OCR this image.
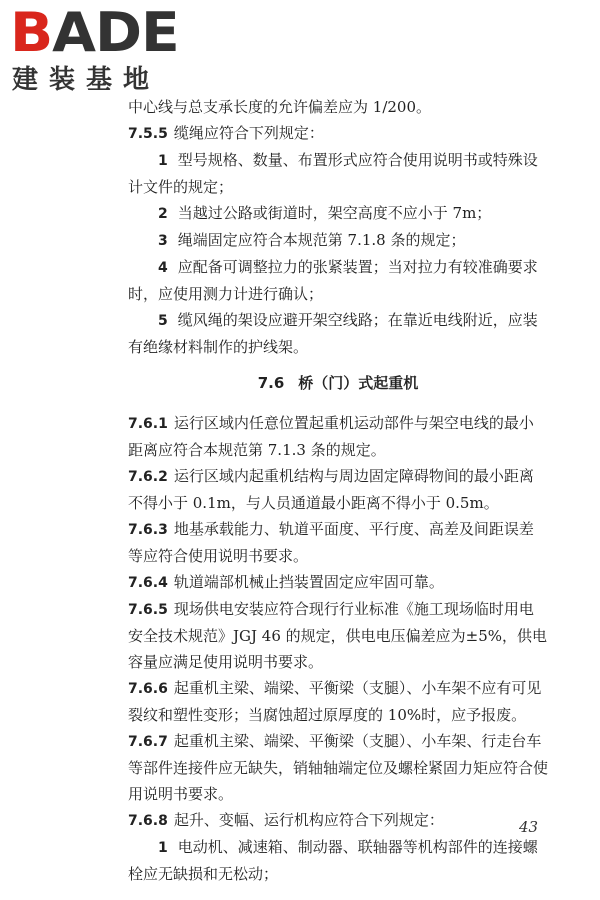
BADE
建装基地
中心线与总支承长度的允许偏差应为 1/200。
7.5.5 缆绳应符合下列规定：
1 型号规格、数量、布置形式应符合使用说明书或特殊设
计文件的规定；
2 当越过公路或街道时，架空高度不应小于 7m；
3 绳端固定应符合本规范第 7.1.8 条的规定；
4 应配备可调整拉力的张紧装置；当对拉力有较准确要求
时，应使用测力计进行确认；
5 缆风绳的架设应避开架空线路；在靠近电线附近，应装
有绝缘材料制作的护线架。
7.6 桥（门）式起重机
7.6.1 运行区域内任意位置起重机运动部件与架空电线的最小
距离应符合本规范第 7.1.3 条的规定。
7.6.2 运行区域内起重机结构与周边固定障碍物间的最小距离
不得小于 0.1m，与人员通道最小距离不得小于 0.5m。
7.6.3 地基承载能力、轨道平面度、平行度、高差及间距误差
等应符合使用说明书要求。
7.6.4 轨道端部机械止挡装置固定应牢固可靠。
7.6.5 现场供电安装应符合现行行业标准《施工现场临时用电
安全技术规范》JGJ 46 的规定，供电电压偏差应为±5%，供电
容量应满足使用说明书要求。
7.6.6 起重机主梁、端梁、平衡梁（支腿）、小车架不应有可见
裂纹和塑性变形；当腐蚀超过原厚度的 10%时，应予报废。
7.6.7 起重机主梁、端梁、平衡梁（支腿）、小车架、行走台车
等部件连接件应无缺失，销轴轴端定位及螺栓紧固力矩应符合使
用说明书要求。
7.6.8 起升、变幅、运行机构应符合下列规定：
1 电动机、减速箱、制动器、联轴器等机构部件的连接螺
栓应无缺损和无松动；
43
